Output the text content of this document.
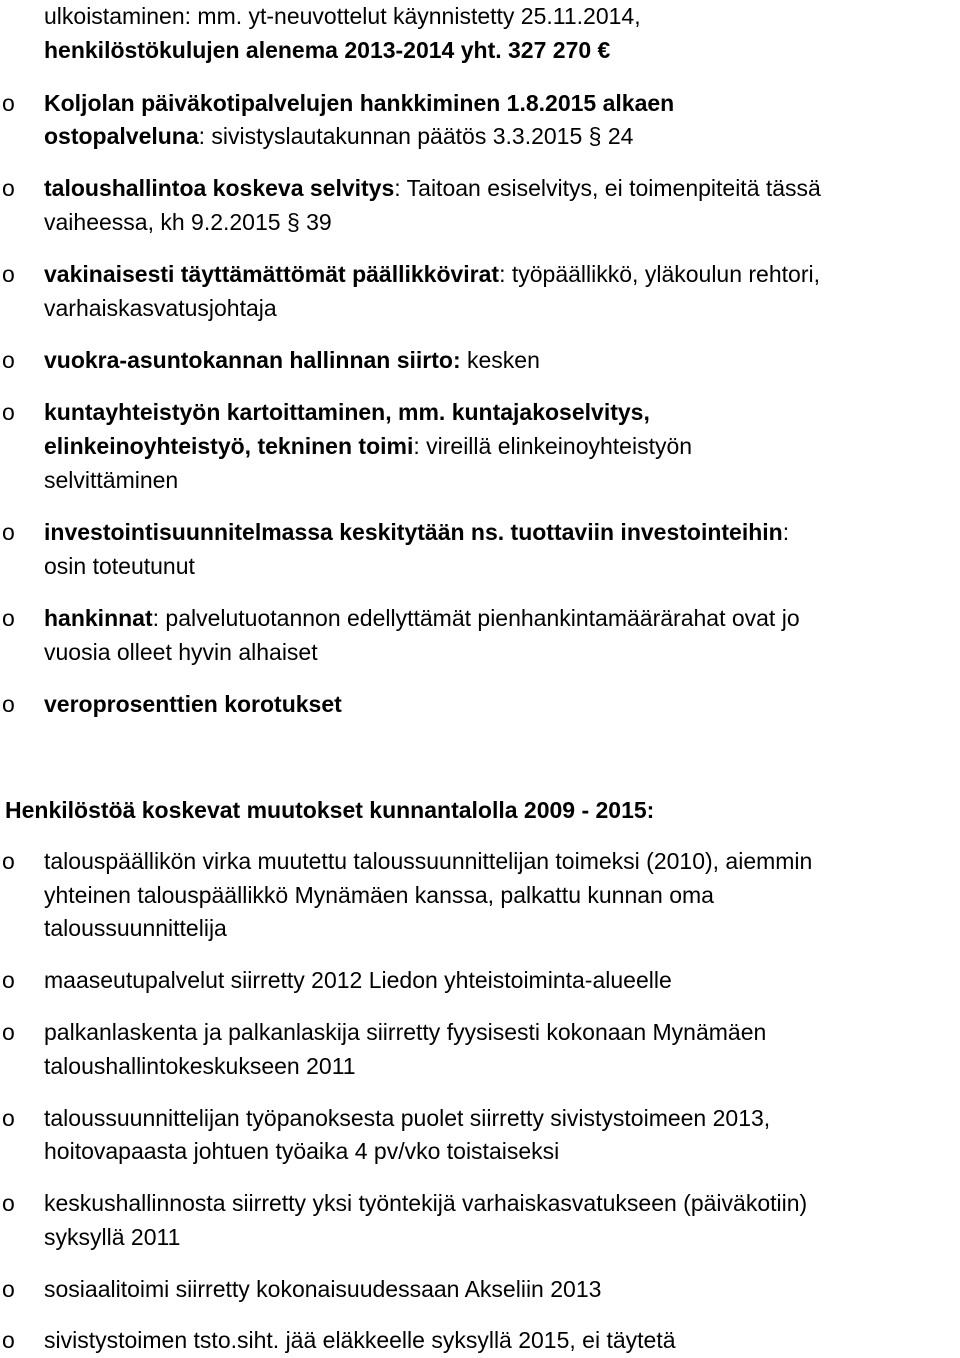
ulkoistaminen: mm. yt-neuvottelut käynnistetty 25.11.2014,
henkilöstökulujen alenema 2013-2014 yht. 327 270 €
o Koljolan päiväkotipalvelujen hankkiminen 1.8.2015 alkaen
ostopalveluna: sivistyslautakunnan päätös 3.3.2015 § 24
o taloushallintoa koskeva selvitys: Taitoan esiselvitys, ei toimenpiteitä tässä
vaiheessa, kh 9.2.2015 § 39
o vakinaisesti täyttämättömät päällikkövirat: työpäällikkö, yläkoulun rehtori,
varhaiskasvatusjohtaja
o vuokra-asuntokannan hallinnan siirto: kesken
o kuntayhteistyön kartoittaminen, mm. kuntajakoselvitys,
elinkeinoyhteistyö, tekninen toimi: vireillä elinkeinoyhteistyön
selvittäminen
o investointisuunnitelmassa keskitytään ns. tuottaviin investointeihin:
osin toteutunut
o hankinnat: palvelutuotannon edellyttämät pienhankintamäärärahat ovat jo
vuosia olleet hyvin alhaiset
o veroprosenttien korotukset
Henkilöstöä koskevat muutokset kunnantalolla 2009 - 2015:
o talouspäällikön virka muutettu taloussuunnittelijan toimeksi (2010), aiemmin
yhteinen talouspäällikkö Mynämäen kanssa, palkattu kunnan oma
taloussuunnittelija
o maaseutupalvelut siirretty 2012 Liedon yhteistoiminta-alueelle
o palkanlaskenta ja palkanlaskija siirretty fyysisesti kokonaan Mynämäen
taloushallintokeskukseen 2011
o taloussuunnittelijan työpanoksesta puolet siirretty sivistystoimeen 2013,
hoitovapaasta johtuen työaika 4 pv/vko toistaiseksi
o keskushallinnosta siirretty yksi työntekijä varhaiskasvatukseen (päiväkotiin)
syksyllä 2011
o sosiaalitoimi siirretty kokonaisuudessaan Akseliin 2013
o sivistystoimen tsto.siht. jää eläkkeelle syksyllä 2015, ei täytetä
